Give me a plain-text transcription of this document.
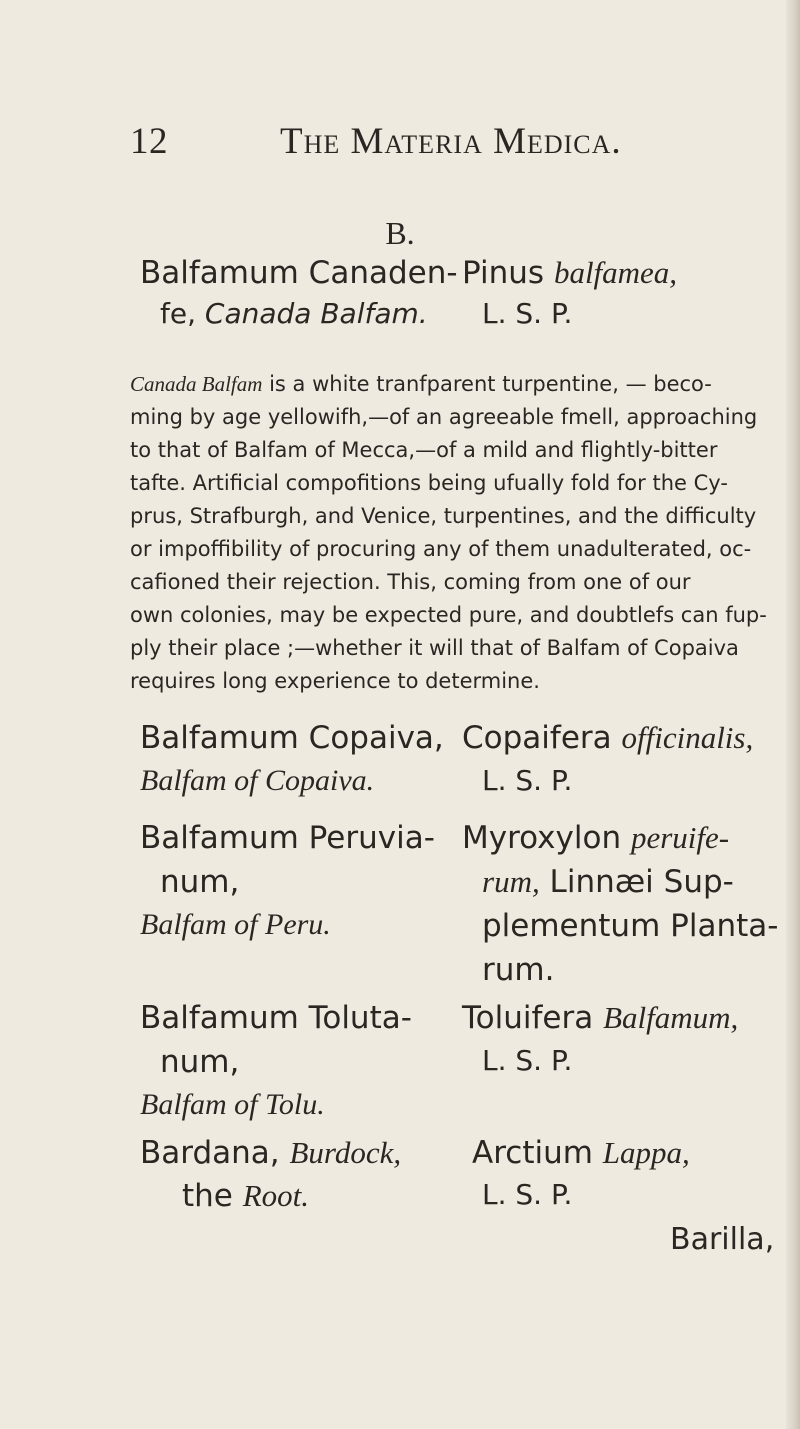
12	The Materia Medica.
B.
Balfamum Canaden-
fe, Canada Balfam.
Pinus balfamea,
L. S. P.

Canada Balfam is a white tranfparent turpentine, — beco-

ming by age yellowifh,—of an agreeable fmell, approaching

to that of Balfam of Mecca,—of a mild and flightly-bitter

tafte. Artificial compofitions being ufually fold for the Cy-

prus, Strafburgh, and Venice, turpentines, and the difficulty

or impoffibility of procuring any of them unadulterated, oc-

cafioned their rejection. This, coming from one of our

own colonies, may be expected pure, and doubtlefs can fup-

ply their place ;—whether it will that of Balfam of Copaiva

requires long experience to determine.

Balfamum Copaiva,
Balfam of Copaiva.
Copaifera officinalis,
L. S. P.
Balfamum Peruvia-
num,
Balfam of Peru.
Myroxylon peruife-
rum, Linnæi Sup-
plementum Planta-
rum.
Balfamum Toluta-
num,
Balfam of Tolu.
Toluifera Balfamum,
L. S. P.
Bardana, Burdock,
the Root.
Arctium Lappa,
L. S. P.
Barilla,
